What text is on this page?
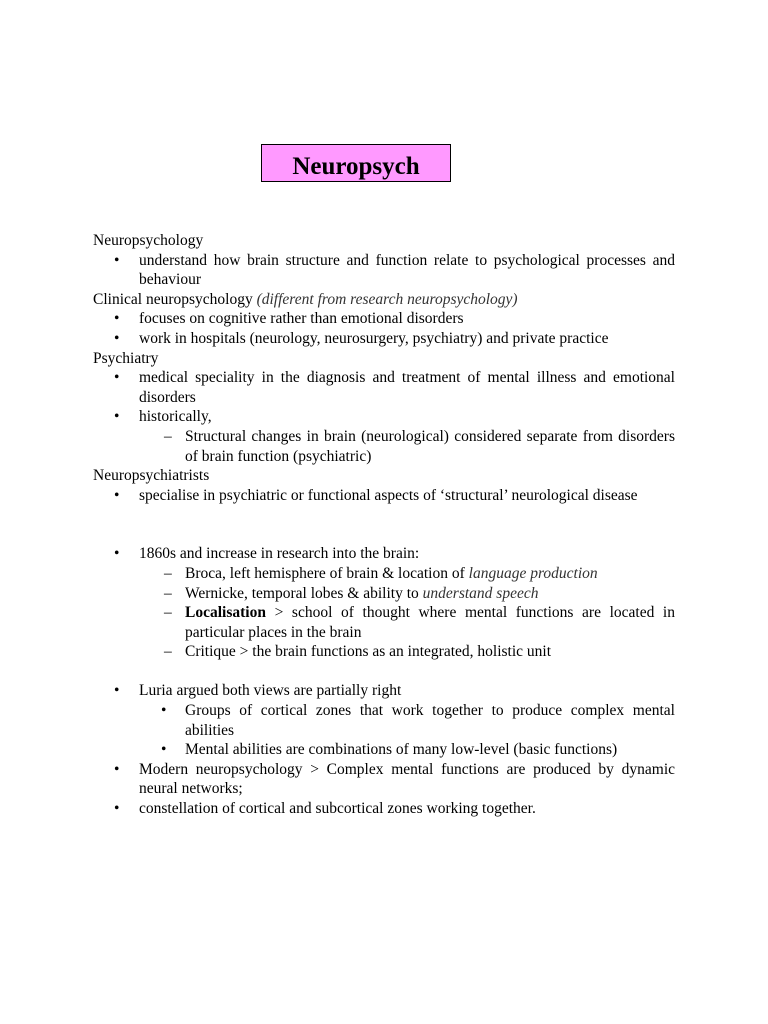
Neuropsych

Neuropsychology

• understand how brain structure and function relate to psychological processes and behaviour

Clinical neuropsychology (different from research neuropsychology)

• focuses on cognitive rather than emotional disorders
• work in hospitals (neurology, neurosurgery, psychiatry) and private practice

Psychiatry

• medical speciality in the diagnosis and treatment of mental illness and emotional disorders
• historically,
– Structural changes in brain (neurological) considered separate from disorders of brain function (psychiatric)

Neuropsychiatrists

• specialise in psychiatric or functional aspects of ‘structural’ neurological disease
• 1860s and increase in research into the brain:
– Broca, left hemisphere of brain & location of language production
– Wernicke, temporal lobes & ability to understand speech
– Localisation > school of thought where mental functions are located in particular places in the brain
– Critique > the brain functions as an integrated, holistic unit
• Luria argued both views are partially right
• Groups of cortical zones that work together to produce complex mental abilities
• Mental abilities are combinations of many low-level (basic functions)
• Modern neuropsychology > Complex mental functions are produced by dynamic neural networks;
• constellation of cortical and subcortical zones working together.
